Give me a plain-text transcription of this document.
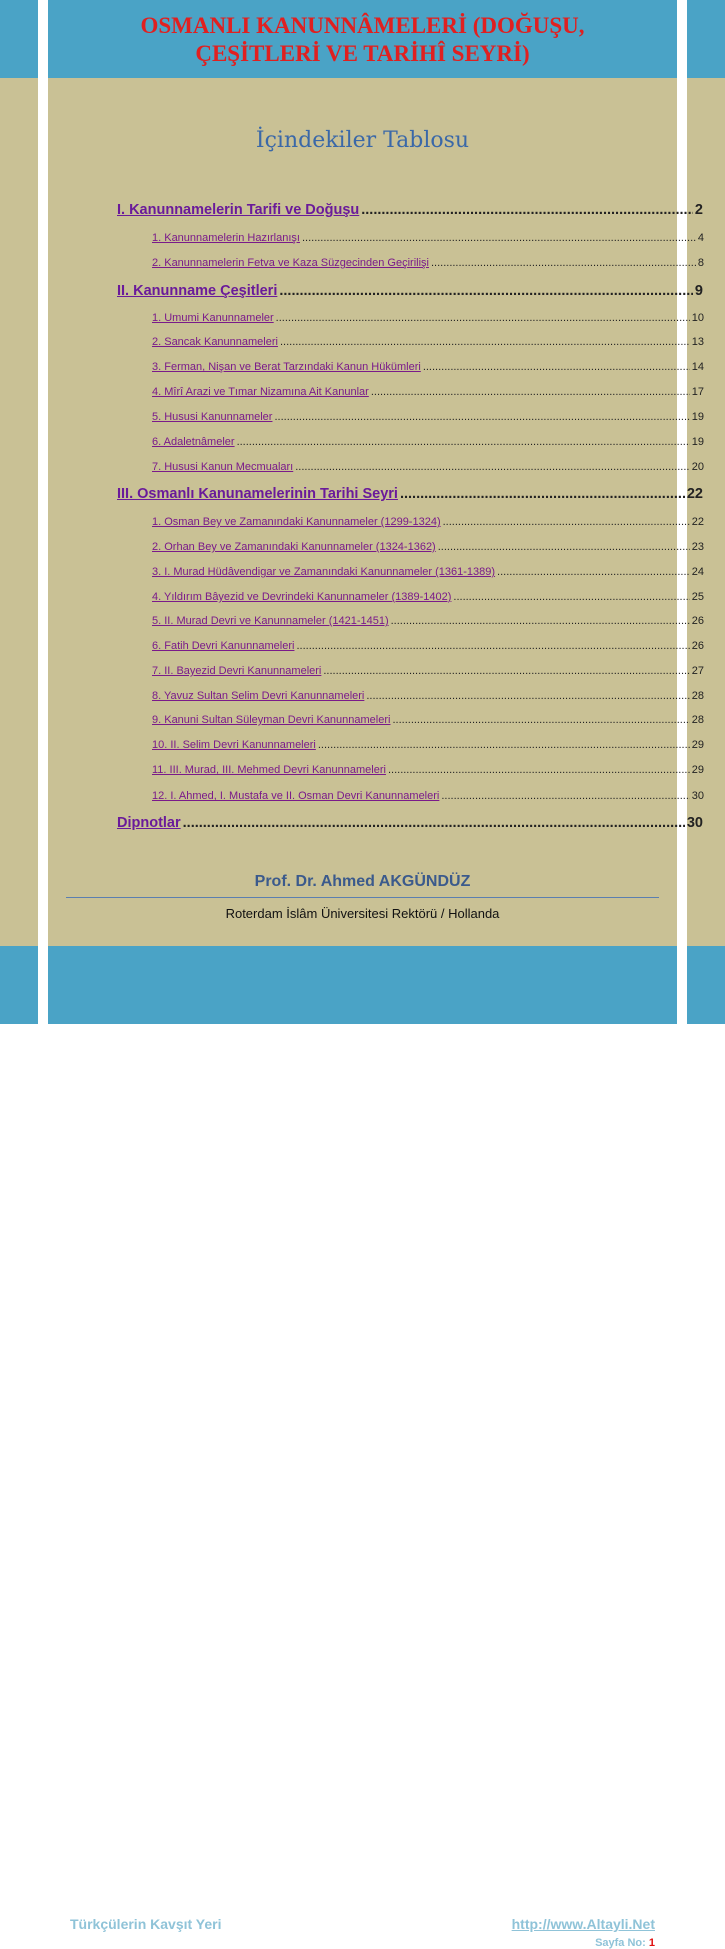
OSMANLI KANUNNÂMELERİ (DOĞUŞU,
ÇEŞİTLERİ VE TARİHÎ SEYRİ)
İçindekiler Tablosu
I. Kanunnamelerin Tarifi ve Doğuşu .....	2
1. Kanunnamelerin Hazırlanışı .....	4
2. Kanunnamelerin Fetva ve Kaza Süzgecinden Geçirilişi .....	8
II. Kanunname Çeşitleri .....	9
1. Umumi Kanunnameler .....	10
2. Sancak Kanunnameleri .....	13
3. Ferman, Nişan ve Berat Tarzındaki Kanun Hükümleri .....	14
4. Mîrî Arazi ve Tımar Nizamına Ait Kanunlar .....	17
5. Hususi Kanunnameler .....	19
6. Adaletnâmeler .....	19
7. Hususi Kanun Mecmuaları .....	20
III. Osmanlı Kanunamelerinin Tarihi Seyri .....	22
1. Osman Bey ve Zamanındaki Kanunnameler (1299-1324) .....	22
2. Orhan Bey ve Zamanındaki Kanunnameler (1324-1362) .....	23
3. I. Murad Hüdâvendigar ve Zamanındaki Kanunnameler (1361-1389) .....	24
4. Yıldırım Bâyezid ve Devrindeki Kanunnameler (1389-1402) .....	25
5. II. Murad Devri ve Kanunnameler (1421-1451) .....	26
6. Fatih Devri Kanunnameleri .....	26
7. II. Bayezid Devri Kanunnameleri .....	27
8. Yavuz Sultan Selim Devri Kanunnameleri .....	28
9. Kanuni Sultan Süleyman Devri Kanunnameleri .....	28
10. II. Selim Devri Kanunnameleri .....	29
11. III. Murad, III. Mehmed Devri Kanunnameleri .....	29
12. I. Ahmed, I. Mustafa ve II. Osman Devri Kanunnameleri .....	30
Dipnotlar .....	30

Prof. Dr. Ahmed AKGÜNDÜZ

Roterdam İslâm Üniversitesi Rektörü / Hollanda

Türkçülerin Kavşıt Yeri	http://www.Altayli.Net
Sayfa No: 1
